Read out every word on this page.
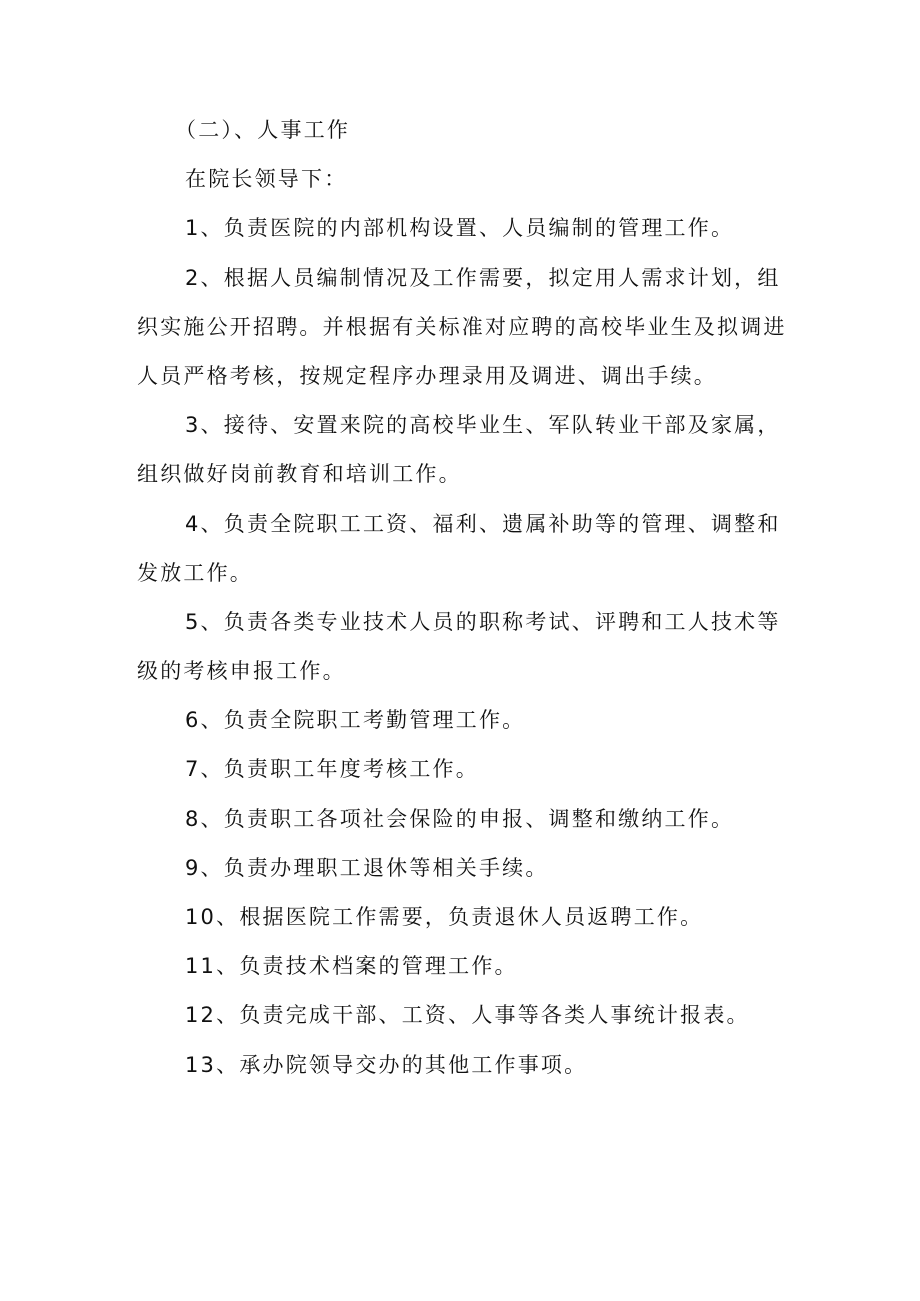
（二）、人事工作
在院长领导下：
1、负责医院的内部机构设置、人员编制的管理工作。
2、根据人员编制情况及工作需要，拟定用人需求计划，组
织实施公开招聘。并根据有关标准对应聘的高校毕业生及拟调进
人员严格考核，按规定程序办理录用及调进、调出手续。
3、接待、安置来院的高校毕业生、军队转业干部及家属，
组织做好岗前教育和培训工作。
4、负责全院职工工资、福利、遗属补助等的管理、调整和
发放工作。
5、负责各类专业技术人员的职称考试、评聘和工人技术等
级的考核申报工作。
6、负责全院职工考勤管理工作。
7、负责职工年度考核工作。
8、负责职工各项社会保险的申报、调整和缴纳工作。
9、负责办理职工退休等相关手续。
10、根据医院工作需要，负责退休人员返聘工作。
11、负责技术档案的管理工作。
12、负责完成干部、工资、人事等各类人事统计报表。
13、承办院领导交办的其他工作事项。
